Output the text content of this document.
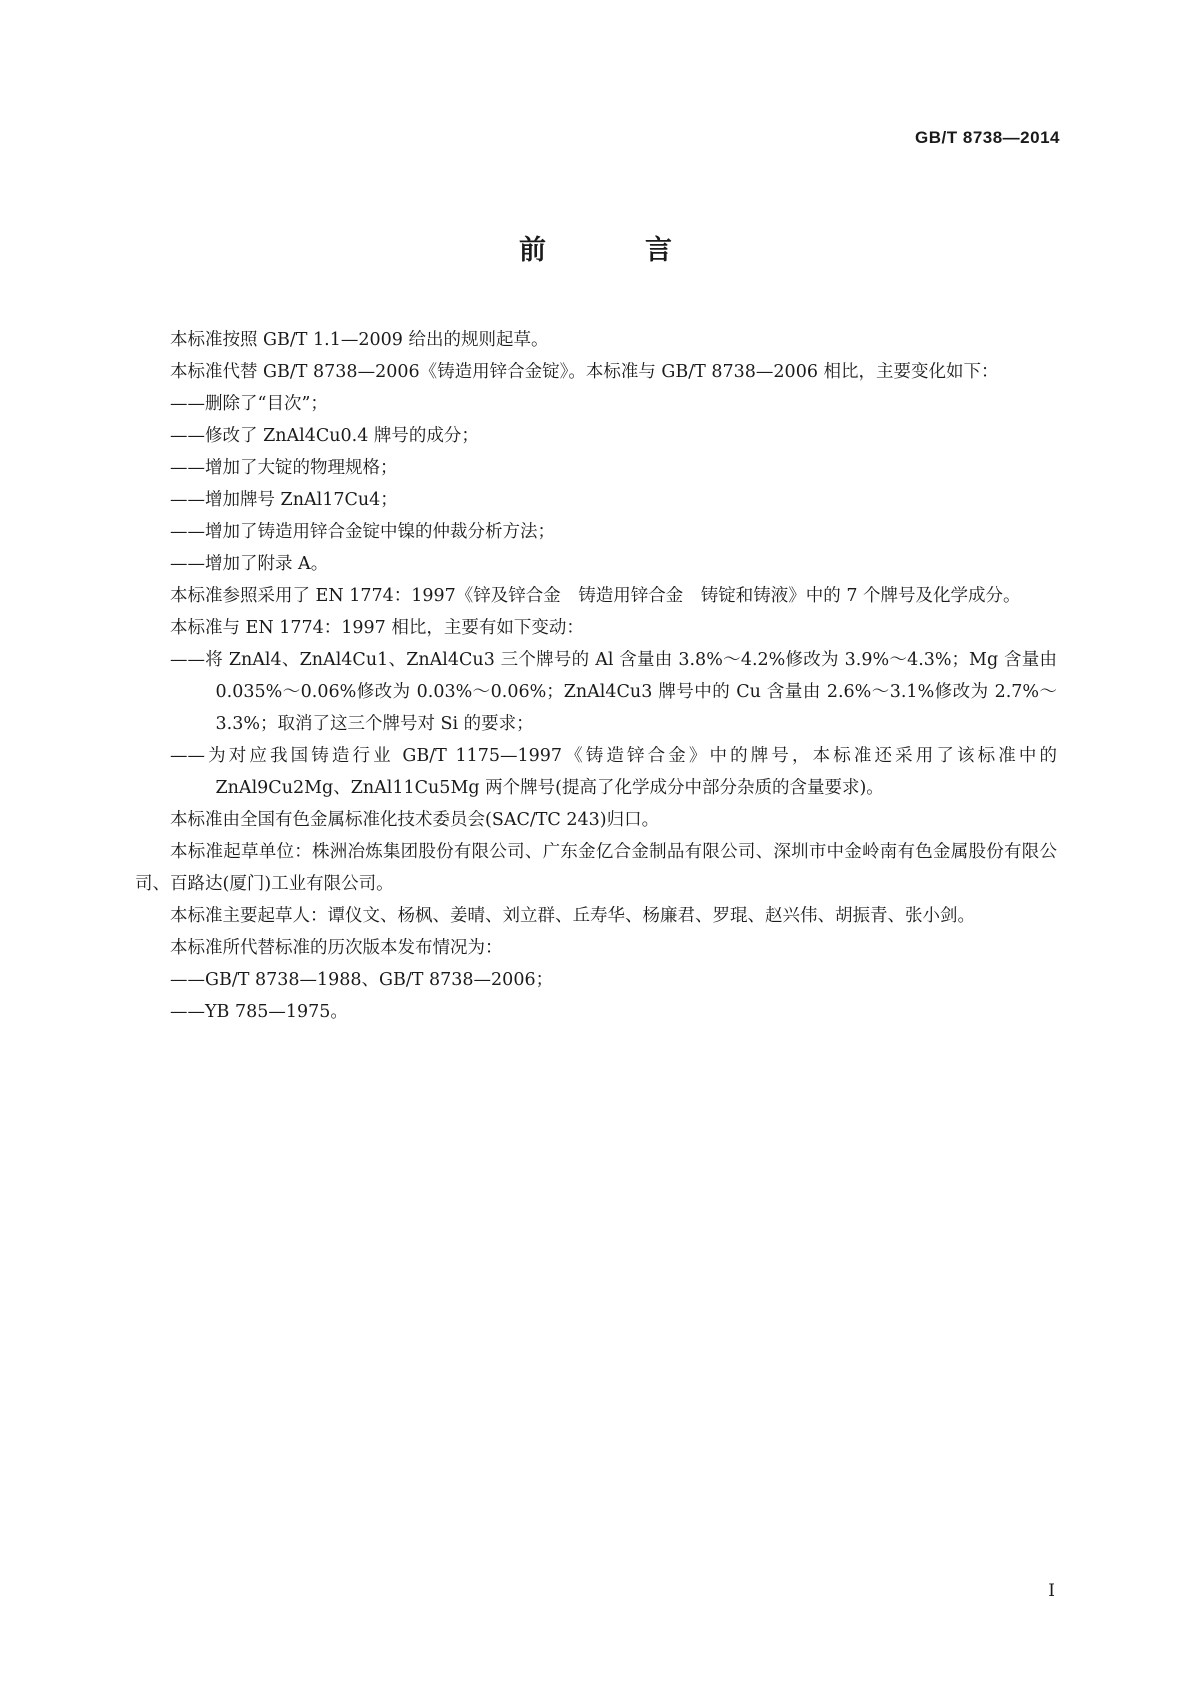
GB/T 8738—2014
前　言

本标准按照 GB/T 1.1—2009 给出的规则起草。

本标准代替 GB/T 8738—2006《铸造用锌合金锭》。本标准与 GB/T 8738—2006 相比，主要变化如下：

——删除了“目次”；

——修改了 ZnAl4Cu0.4 牌号的成分；

——增加了大锭的物理规格；

——增加牌号 ZnAl17Cu4；

——增加了铸造用锌合金锭中镍的仲裁分析方法；

——增加了附录 A。

本标准参照采用了 EN 1774：1997《锌及锌合金　铸造用锌合金　铸锭和铸液》中的 7 个牌号及化学成分。

本标准与 EN 1774：1997 相比，主要有如下变动：

——将 ZnAl4、ZnAl4Cu1、ZnAl4Cu3 三个牌号的 Al 含量由 3.8%～4.2%修改为 3.9%～4.3%；Mg 含量由 0.035%～0.06%修改为 0.03%～0.06%；ZnAl4Cu3 牌号中的 Cu 含量由 2.6%～3.1%修改为 2.7%～3.3%；取消了这三个牌号对 Si 的要求；

——为对应我国铸造行业 GB/T 1175—1997《铸造锌合金》中的牌号，本标准还采用了该标准中的 ZnAl9Cu2Mg、ZnAl11Cu5Mg 两个牌号(提高了化学成分中部分杂质的含量要求)。

本标准由全国有色金属标准化技术委员会(SAC/TC 243)归口。

本标准起草单位：株洲冶炼集团股份有限公司、广东金亿合金制品有限公司、深圳市中金岭南有色金属股份有限公司、百路达(厦门)工业有限公司。

本标准主要起草人：谭仪文、杨枫、姜晴、刘立群、丘寿华、杨廉君、罗琨、赵兴伟、胡振青、张小剑。

本标准所代替标准的历次版本发布情况为：

——GB/T 8738—1988、GB/T 8738—2006；

——YB 785—1975。

I
